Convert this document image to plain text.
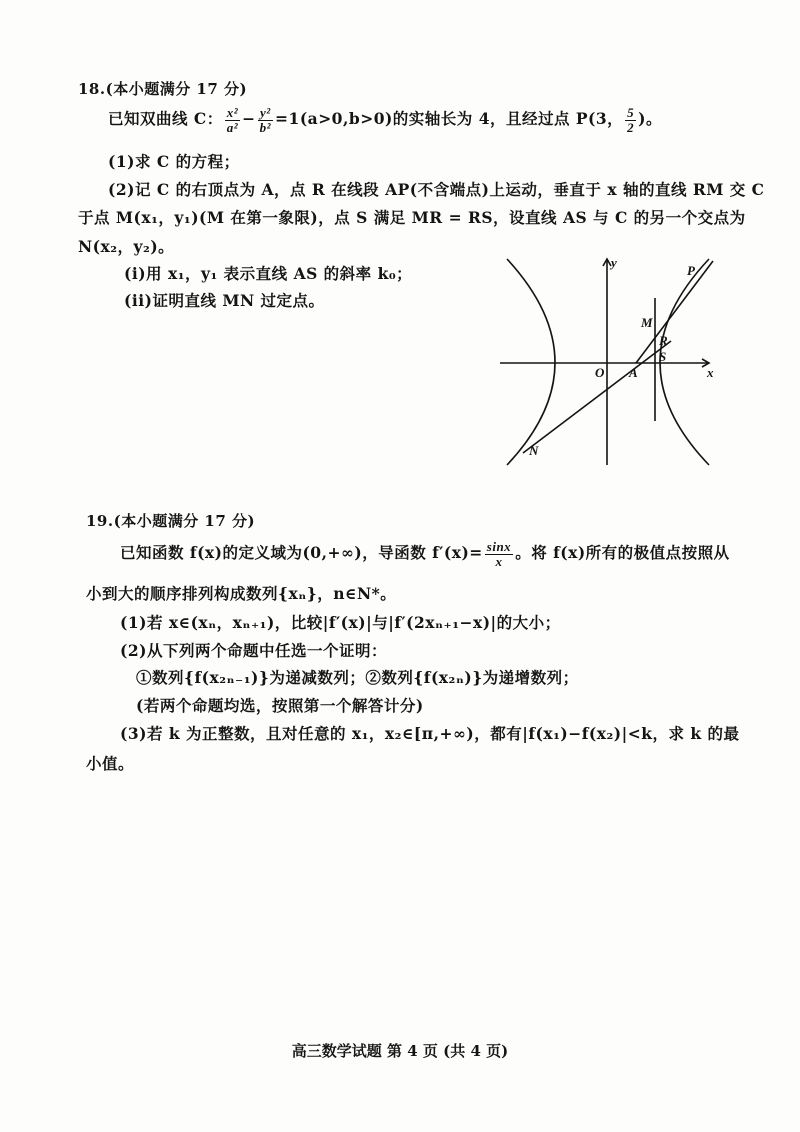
18.(本小题满分 17 分)
已知双曲线 C： $\frac{\text{x²}}{\text{a²}} - \frac{\text{y²}}{\text{b²}} =1(a>0,b>0)$的实轴长为 4，且经过点 P(3， $\frac{5}{2}$ )。
(1)求 C 的方程；
(2)记 C 的右顶点为 A，点 R 在线段 AP(不含端点)上运动，垂直于 x 轴的直线 RM 交 C
于点 M(x₁，y₁)(M 在第一象限)，点 S 满足 MR = RS，设直线 AS 与 C 的另一个交点为
N(x₂，y₂)。
(i)用 x₁，y₁ 表示直线 AS 的斜率 k₀；
(ii)证明直线 MN 过定点。
y
x
O A
P
M
R
S
N
19.(本小题满分 17 分)
已知函数 f(x)的定义域为(0,+∞)，导函数 $f'(x)= \frac{\sin x}{x}$ 。将 f(x)所有的极值点按照从
小到大的顺序排列构成数列{xₙ}，n∈N*。
(1)若 x∈(xₙ，xₙ₊₁)，比较|f′(x)|与|f′(2xₙ₊₁−x)|的大小；
(2)从下列两个命题中任选一个证明：
①数列{f(x₂ₙ₋₁)}为递减数列；②数列{f(x₂ₙ)}为递增数列；
(若两个命题均选，按照第一个解答计分)
(3)若 k 为正整数，且对任意的 x₁，x₂∈[π,+∞)，都有|f(x₁)−f(x₂)|<k，求 k 的最
小值。
高三数学试题 第 4 页 (共 4 页)
